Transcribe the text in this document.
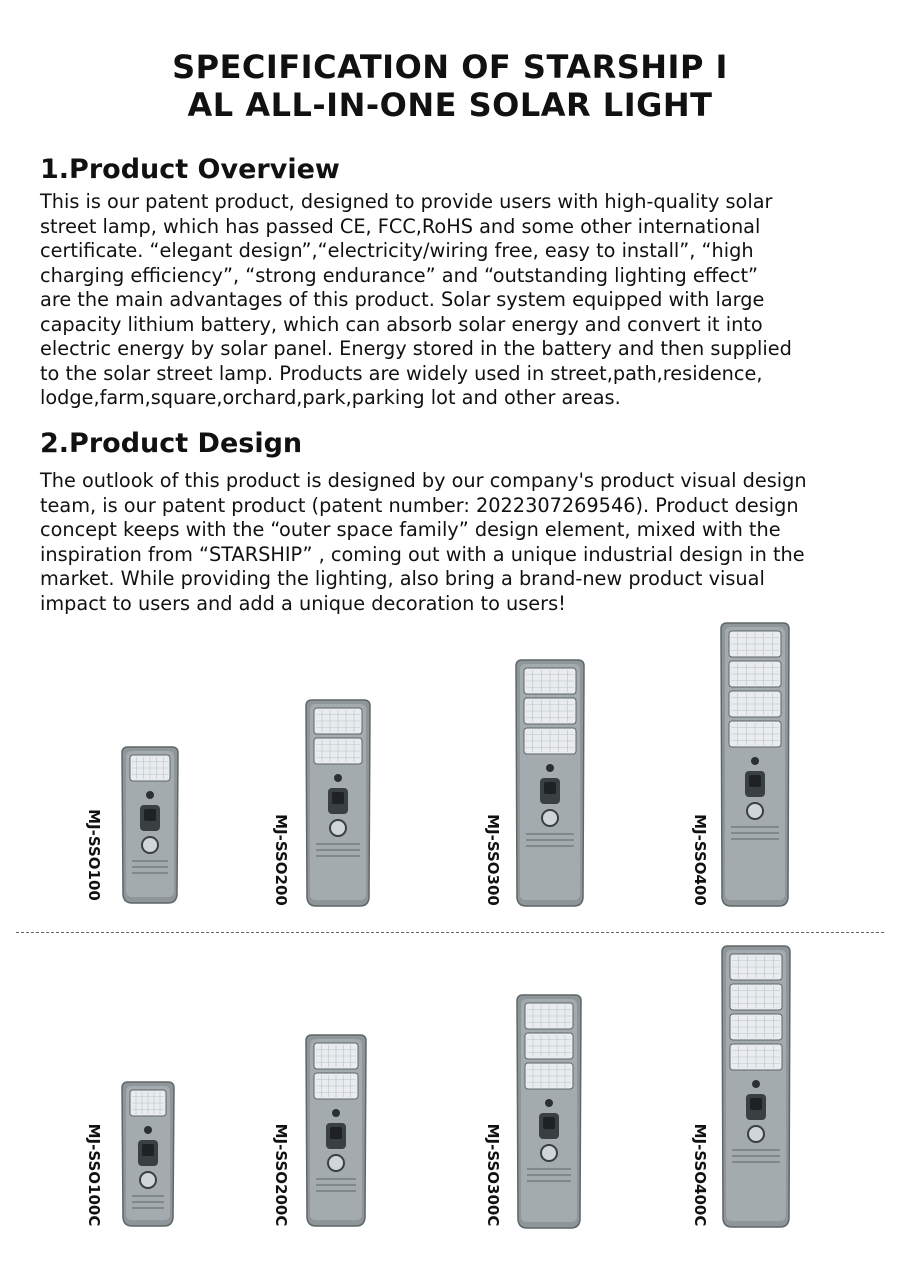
SPECIFICATION OF STARSHIP I
AL ALL-IN-ONE SOLAR LIGHT
1.Product Overview
This is our patent product, designed to provide users with high-quality solar
street lamp, which has passed CE, FCC,RoHS and some other international
certificate. “elegant design”,“electricity/wiring free, easy to install”, “high
charging efficiency”, “strong endurance” and “outstanding lighting effect”
are the main advantages of this product. Solar system equipped with large
capacity lithium battery, which can absorb solar energy and convert it into
electric energy by solar panel. Energy stored in the battery and then supplied
to the solar street lamp. Products are widely used in street,path,residence,
lodge,farm,square,orchard,park,parking lot and other areas.
2.Product Design
The outlook of this product is designed by our company's product visual design
team, is our patent product (patent number: 2022307269546). Product design
concept keeps with the “outer space family” design element, mixed with the
inspiration from “STARSHIP” , coming out with a unique industrial design in the
market. While providing the lighting, also bring a brand-new product visual
impact to users and add a unique decoration to users!
MJ-SSO100	MJ-SSO200	MJ-SSO300	MJ-SSO400
MJ-SSO100C	MJ-SSO200C	MJ-SSO300C	MJ-SSO400C
